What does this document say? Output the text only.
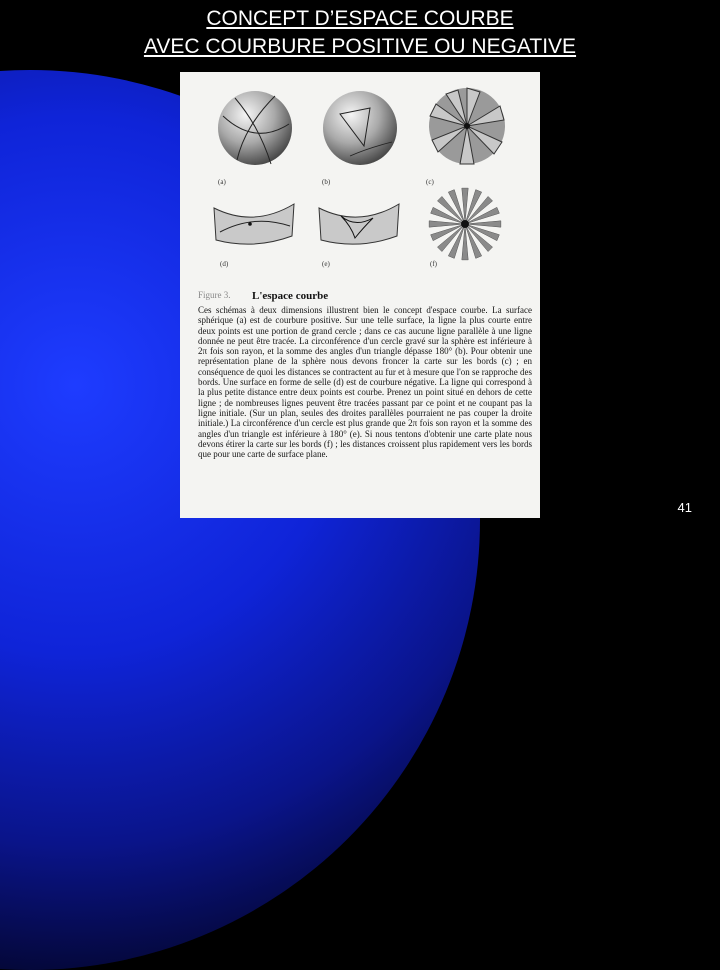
CONCEPT D’ESPACE COURBE
AVEC COURBURE POSITIVE OU NEGATIVE
(a)	(b)	(c)
(d)	(e)	(f)
Figure 3. L'espace courbe
Ces schémas à deux dimensions illustrent bien le concept d'espace courbe. La surface sphérique (a) est de courbure positive. Sur une telle surface, la ligne la plus courte entre deux points est une portion de grand cercle ; dans ce cas aucune ligne parallèle à une ligne donnée ne peut être tracée. La circonférence d'un cercle gravé sur la sphère est inférieure à 2π fois son rayon, et la somme des angles d'un triangle dépasse 180° (b). Pour obtenir une représentation plane de la sphère nous devons froncer la carte sur les bords (c) ; en conséquence de quoi les distances se contractent au fur et à mesure que l'on se rapproche des bords. Une surface en forme de selle (d) est de courbure négative. La ligne qui correspond à la plus petite distance entre deux points est courbe. Prenez un point situé en dehors de cette ligne ; de nombreuses lignes peuvent être tracées passant par ce point et ne coupant pas la ligne initiale. (Sur un plan, seules des droites parallèles pourraient ne pas couper la droite initiale.) La circonférence d'un cercle est plus grande que 2π fois son rayon et la somme des angles d'un triangle est inférieure à 180° (e). Si nous tentons d'obtenir une carte plate nous devons étirer la carte sur les bords (f) ; les distances croissent plus rapidement vers les bords que pour une carte de surface plane.
41
